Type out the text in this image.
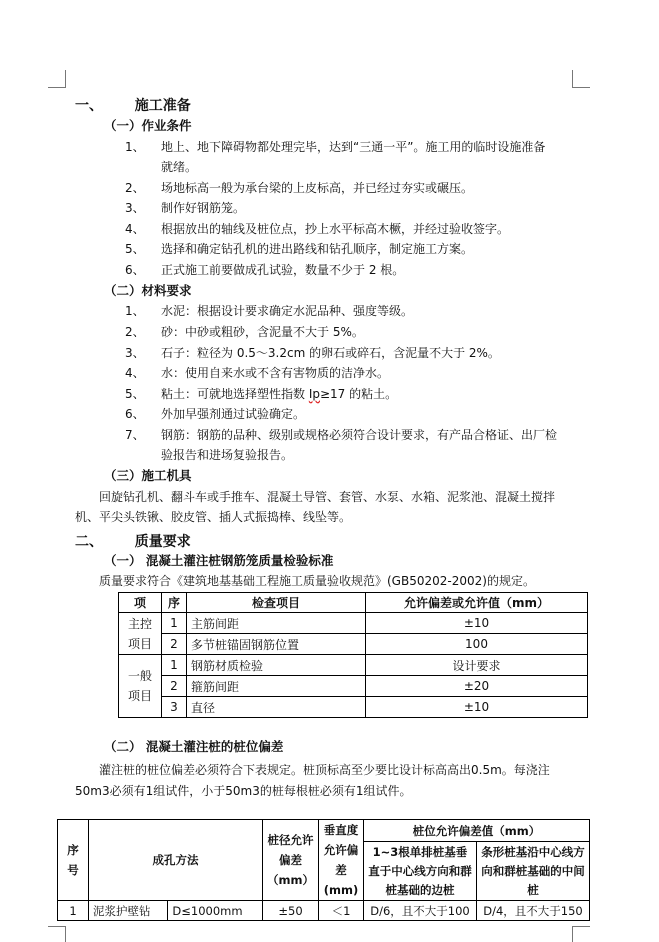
一、 施工准备
（一）作业条件
1、 地上、地下障碍物都处理完毕，达到“三通一平”。施工用的临时设施准备
就绪。
2、 场地标高一般为承台梁的上皮标高，并已经过夯实或碾压。
3、 制作好钢筋笼。
4、 根据放出的轴线及桩位点，抄上水平标高木橛，并经过验收签字。
5、 选择和确定钻孔机的进出路线和钻孔顺序，制定施工方案。
6、 正式施工前要做成孔试验，数量不少于 2 根。
（二）材料要求
1、 水泥：根据设计要求确定水泥品种、强度等级。
2、 砂：中砂或粗砂，含泥量不大于 5%。
3、 石子：粒径为 0.5～3.2cm 的卵石或碎石，含泥量不大于 2%。
4、 水：使用自来水或不含有害物质的洁净水。
5、 粘土：可就地选择塑性指数 Ip≥17 的粘土。
6、 外加早强剂通过试验确定。
7、 钢筋：钢筋的品种、级别或规格必须符合设计要求，有产品合格证、出厂检
验报告和进场复验报告。
（三）施工机具
回旋钻孔机、翻斗车或手推车、混凝土导管、套管、水泵、水箱、泥浆池、混凝土搅拌
机、平尖头铁锹、胶皮管、插人式振捣棒、线坠等。
二、 质量要求
（一） 混凝土灌注桩钢筋笼质量检验标准
质量要求符合《建筑地基基础工程施工质量验收规范》(GB50202-2002)的规定。
项	序	检查项目	允许偏差或允许值（mm）
主控项目	1	主筋间距	±10
	2	多节桩锚固钢筋位置	100
一般项目	1	钢筋材质检验	设计要求
	2	箍筋间距	±20
	3	直径	±10
（二） 混凝土灌注桩的桩位偏差
灌注桩的桩位偏差必须符合下表规定。桩顶标高至少要比设计标高高出0.5m。每浇注
50m3必须有1组试件，小于50m3的桩每根桩必须有1组试件。
序号	成孔方法		桩径允许偏差（mm）	垂直度允许偏差(mm)	桩位允许偏差值（mm）	
					1~3根单排桩基垂直于中心线方向和群桩基础的边桩	条形桩基沿中心线方向和群桩基础的中间桩
1	泥浆护壁钻	D≤1000mm	±50	＜1	D/6，且不大于100	D/4，且不大于150
